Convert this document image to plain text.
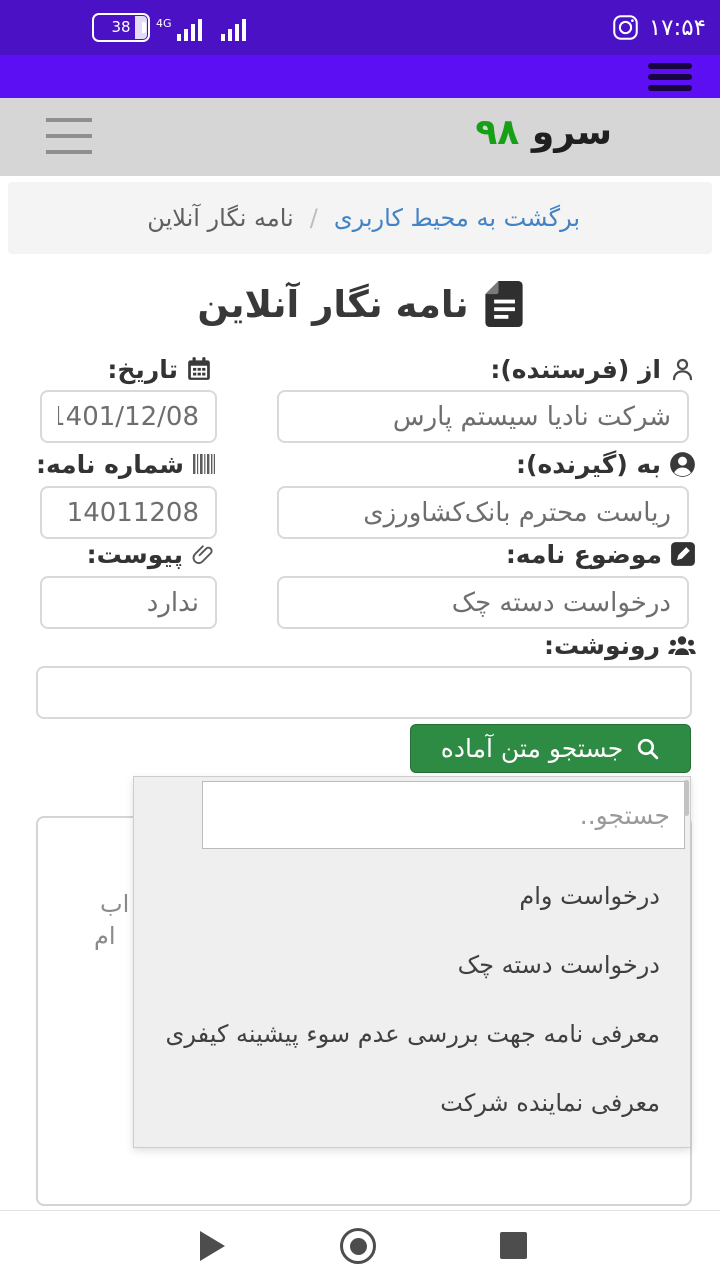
38 4G	۱۷:۵۴
سرو ۹۸
برگشت به محیط کاربری
/
نامه نگار آنلاین
نامه نگار آنلاین
از (فرستنده):
تاریخ:
شرکت نادیا سیستم پارس
1401/12/08
به (گیرنده):
شماره نامه:
ریاست محترم بانک‌کشاورزی
14011208
موضوع نامه:
پیوست:
درخواست دسته چک
ندارد
رونوشت:
اب
ام
جستجو متن آماده
جستجو..
درخواست وام
درخواست دسته چک
معرفی نامه جهت بررسی عدم سوء پیشینه کیفری
معرفی نماینده شرکت
